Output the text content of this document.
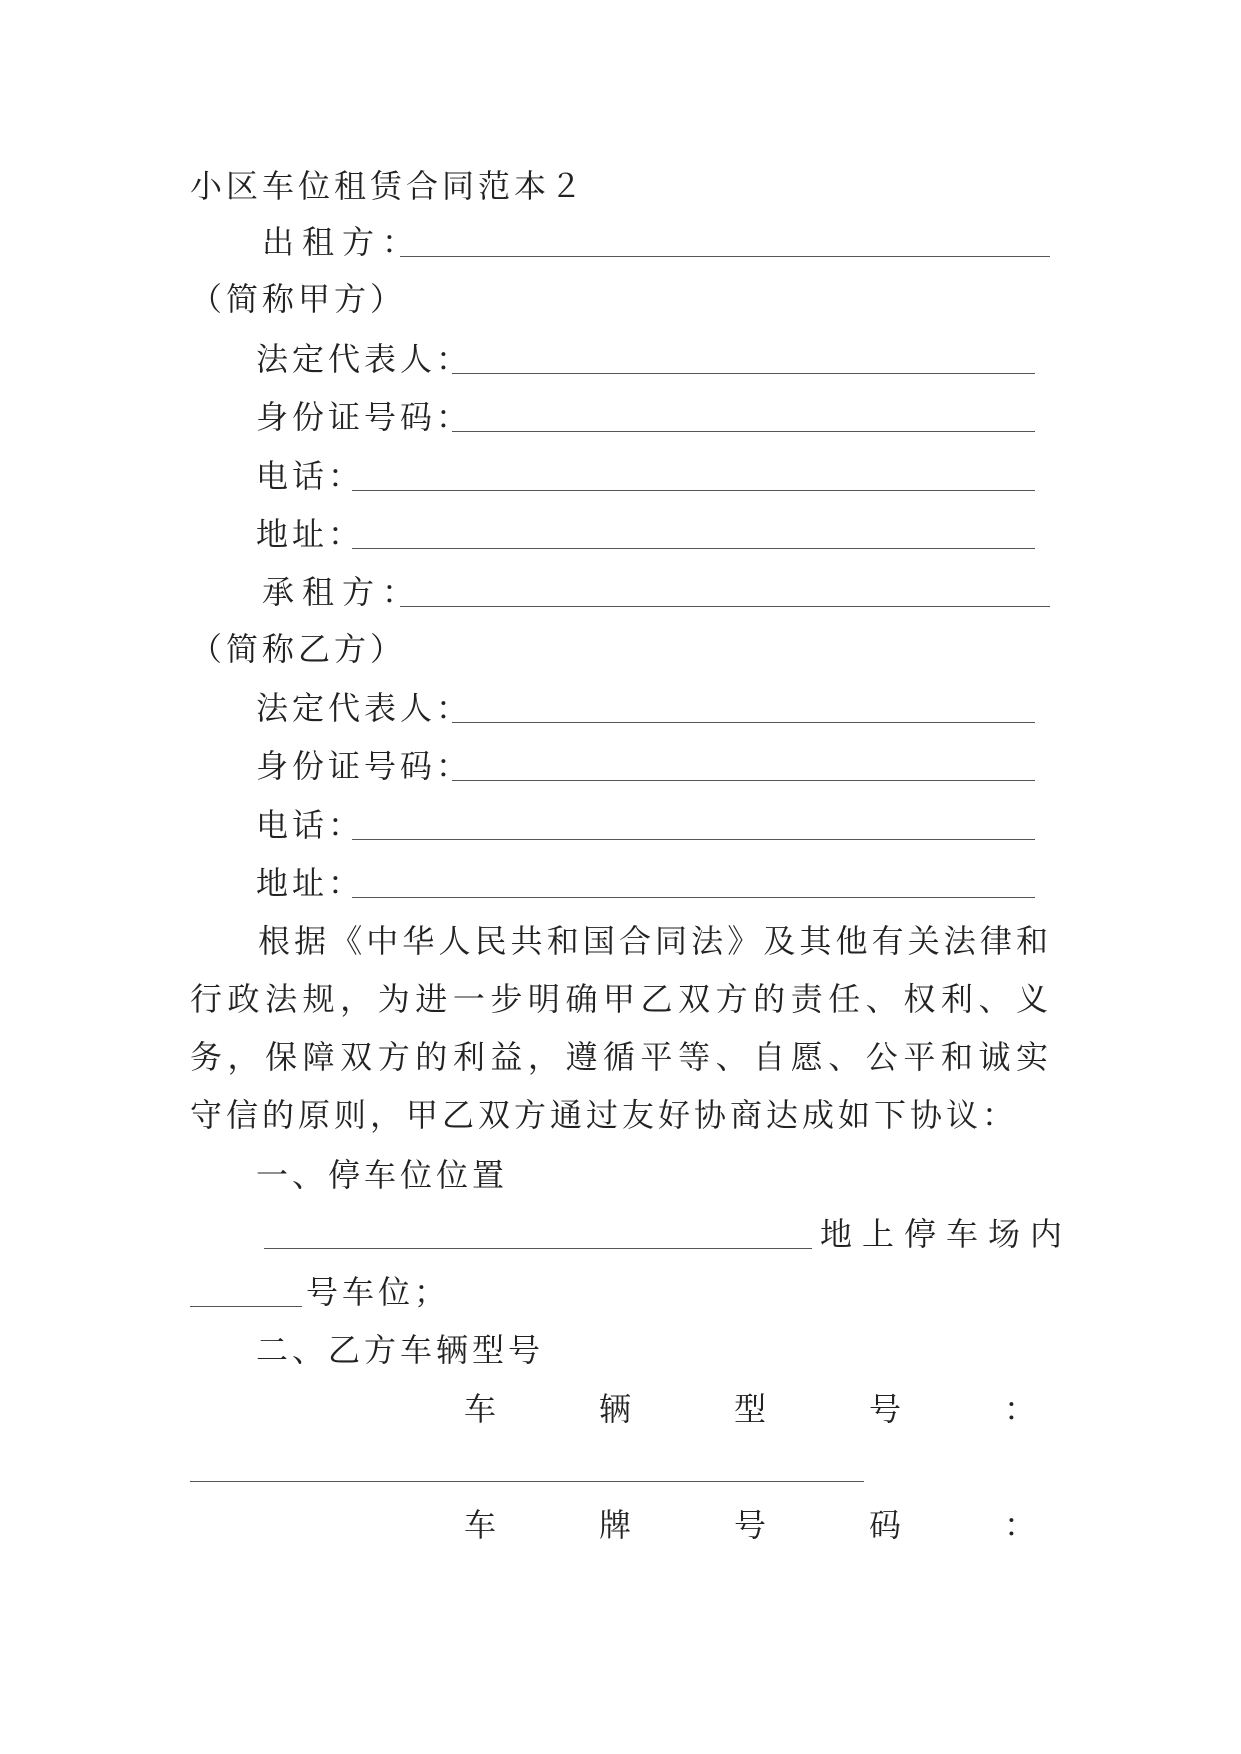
小区车位租赁合同范本２
出租方：
（简称甲方）
法定代表人：
身份证号码：
电话：
地址：
承租方：
（简称乙方）
法定代表人：
身份证号码：
电话：
地址：
根据《中华人民共和国合同法》及其他有关法律和行政法规，为进一步明确甲乙双方的责任、权利、义务，保障双方的利益，遵循平等、自愿、公平和诚实守信的原则，甲乙双方通过友好协商达成如下协议：
一、停车位位置
地上停车场内
号车位；
二、乙方车辆型号
车	辆	型	号	：
车	牌	号	码	：
